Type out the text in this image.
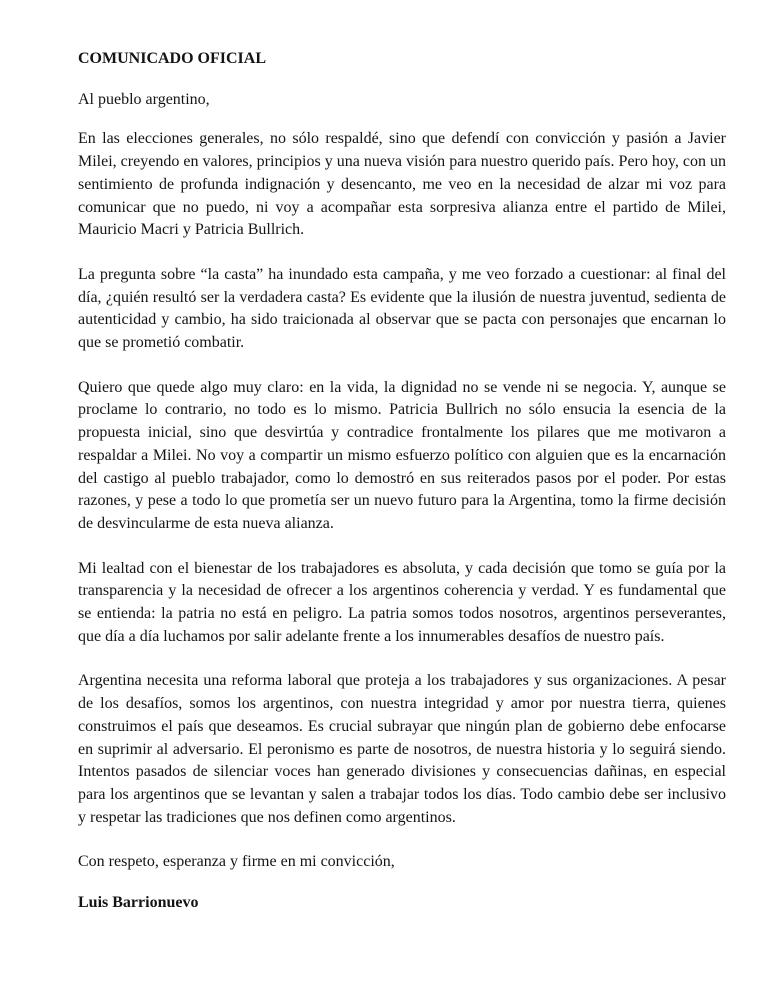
COMUNICADO OFICIAL

Al pueblo argentino,

En las elecciones generales, no sólo respaldé, sino que defendí con convicción y pasión a Javier Milei, creyendo en valores, principios y una nueva visión para nuestro querido país. Pero hoy, con un sentimiento de profunda indignación y desencanto, me veo en la necesidad de alzar mi voz para comunicar que no puedo, ni voy a acompañar esta sorpresiva alianza entre el partido de Milei, Mauricio Macri y Patricia Bullrich.

La pregunta sobre “la casta” ha inundado esta campaña, y me veo forzado a cuestionar: al final del día, ¿quién resultó ser la verdadera casta? Es evidente que la ilusión de nuestra juventud, sedienta de autenticidad y cambio, ha sido traicionada al observar que se pacta con personajes que encarnan lo que se prometió combatir.

Quiero que quede algo muy claro: en la vida, la dignidad no se vende ni se negocia. Y, aunque se proclame lo contrario, no todo es lo mismo. Patricia Bullrich no sólo ensucia la esencia de la propuesta inicial, sino que desvirtúa y contradice frontalmente los pilares que me motivaron a respaldar a Milei. No voy a compartir un mismo esfuerzo político con alguien que es la encarnación del castigo al pueblo trabajador, como lo demostró en sus reiterados pasos por el poder. Por estas razones, y pese a todo lo que prometía ser un nuevo futuro para la Argentina, tomo la firme decisión de desvincularme de esta nueva alianza.

Mi lealtad con el bienestar de los trabajadores es absoluta, y cada decisión que tomo se guía por la transparencia y la necesidad de ofrecer a los argentinos coherencia y verdad. Y es fundamental que se entienda: la patria no está en peligro. La patria somos todos nosotros, argentinos perseverantes, que día a día luchamos por salir adelante frente a los innumerables desafíos de nuestro país.

Argentina necesita una reforma laboral que proteja a los trabajadores y sus organizaciones. A pesar de los desafíos, somos los argentinos, con nuestra integridad y amor por nuestra tierra, quienes construimos el país que deseamos. Es crucial subrayar que ningún plan de gobierno debe enfocarse en suprimir al adversario. El peronismo es parte de nosotros, de nuestra historia y lo seguirá siendo. Intentos pasados de silenciar voces han generado divisiones y consecuencias dañinas, en especial para los argentinos que se levantan y salen a trabajar todos los días. Todo cambio debe ser inclusivo y respetar las tradiciones que nos definen como argentinos.

Con respeto, esperanza y firme en mi convicción,

Luis Barrionuevo
